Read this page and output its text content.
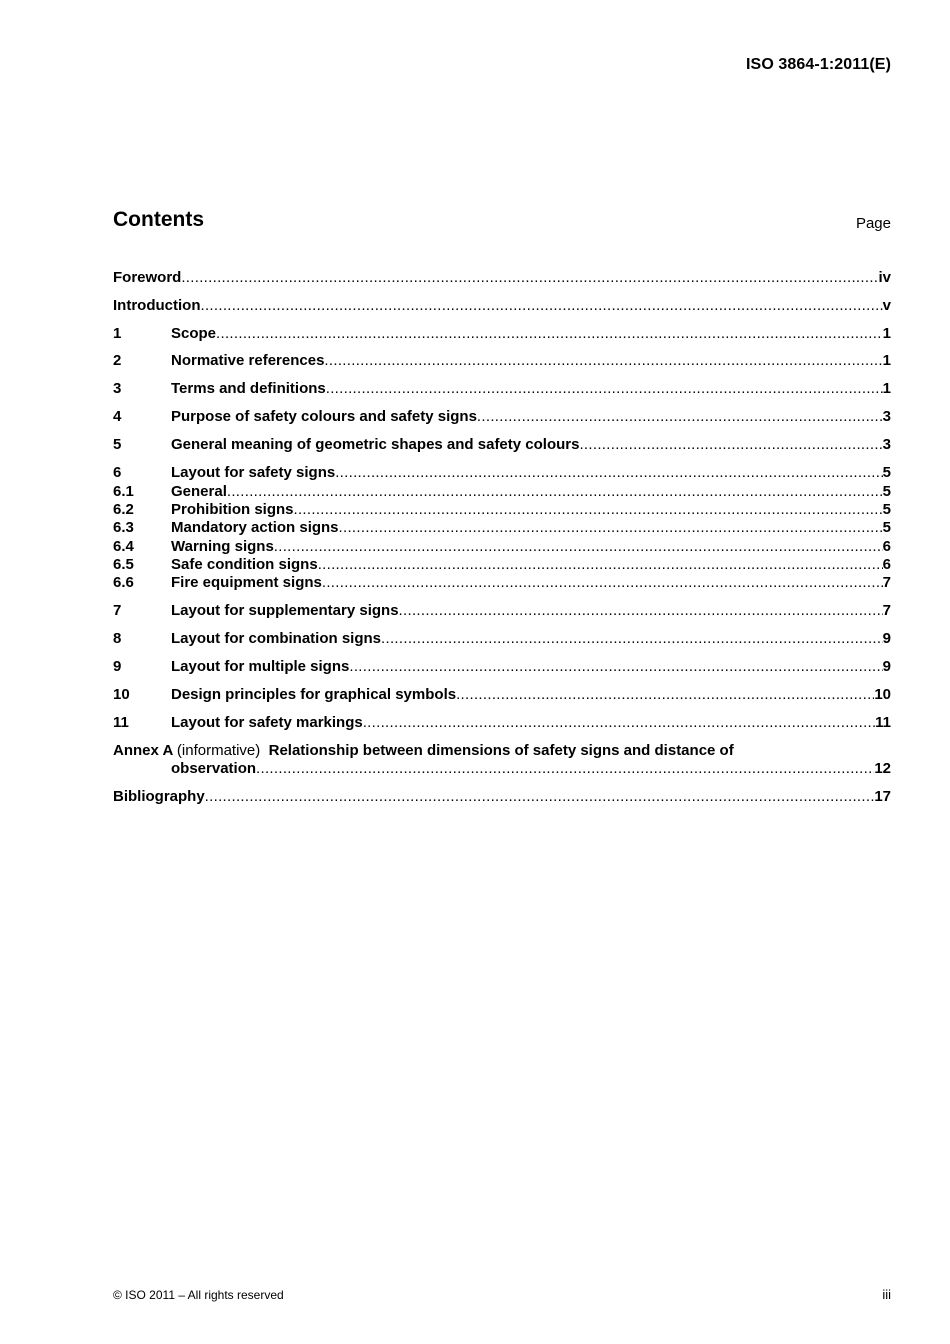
ISO 3864-1:2011(E)
Contents	Page
Foreword .....	iv
Introduction .....	v
1	Scope .....	1
2	Normative references .....	1
3	Terms and definitions .....	1
4	Purpose of safety colours and safety signs .....	3
5	General meaning of geometric shapes and safety colours .....	3
6	Layout for safety signs .....	5
6.1 General .....	5
6.2 Prohibition signs .....	5
6.3 Mandatory action signs .....	5
6.4 Warning signs .....	6
6.5 Safe condition signs .....	6
6.6 Fire equipment signs .....	7
7	Layout for supplementary signs .....	7
8	Layout for combination signs .....	9
9	Layout for multiple signs .....	9
10	Design principles for graphical symbols .....	10
11	Layout for safety markings .....	11
Annex A (informative) Relationship between dimensions of safety signs and distance of
observation .....	12
Bibliography .....	17
© ISO 2011 – All rights reserved	iii
